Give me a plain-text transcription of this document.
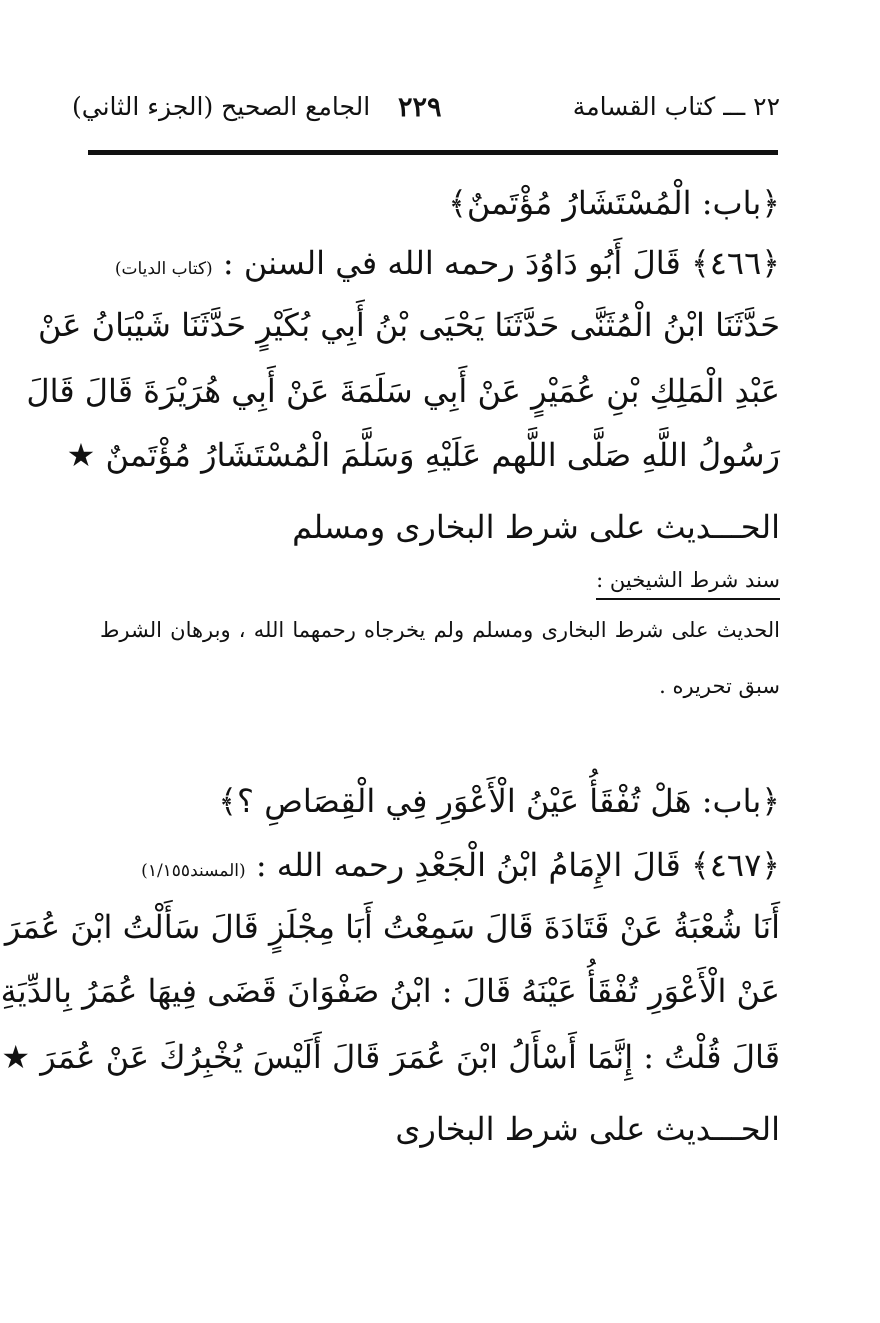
٢٢ ـــ كتاب القسامة
٢٢٩
الجامع الصحيح (الجزء الثاني)
﴿باب: الْمُسْتَشَارُ مُؤْتَمنٌ﴾
﴿٤٦٦﴾ قَالَ أَبُو دَاوُدَ رحمه الله في السنن : (كتاب الديات)
حَدَّثَنَا ابْنُ الْمُثَنَّى حَدَّثَنَا يَحْيَى بْنُ أَبِي بُكَيْرٍ حَدَّثَنَا شَيْبَانُ عَنْ
عَبْدِ الْمَلِكِ بْنِ عُمَيْرٍ عَنْ أَبِي سَلَمَةَ عَنْ أَبِي هُرَيْرَةَ قَالَ قَالَ
رَسُولُ اللَّهِ صَلَّى اللَّهم عَلَيْهِ وَسَلَّمَ الْمُسْتَشَارُ مُؤْتَمنٌ ★
الحـــديث على شرط البخارى ومسلم
سند شرط الشيخين :
الحديث على شرط البخارى ومسلم ولم يخرجاه رحمهما الله ، وبرهان الشرط
سبق تحريره .
﴿باب: هَلْ تُفْقَأُ عَيْنُ الْأَعْوَرِ فِي الْقِصَاصِ ؟﴾
﴿٤٦٧﴾ قَالَ الإِمَامُ ابْنُ الْجَعْدِ رحمه الله : (المسند١/١٥٥)
أَنَا شُعْبَةُ عَنْ قَتَادَةَ قَالَ سَمِعْتُ أَبَا مِجْلَزٍ قَالَ سَأَلْتُ ابْنَ عُمَرَ
عَنْ الْأَعْوَرِ تُفْقَأُ عَيْنَهُ قَالَ : ابْنُ صَفْوَانَ قَضَى فِيهَا عُمَرُ بِالدِّيَةِ
قَالَ قُلْتُ : إِنَّمَا أَسْأَلُ ابْنَ عُمَرَ قَالَ أَلَيْسَ يُخْبِرُكَ عَنْ عُمَرَ ★
الحـــديث على شرط البخارى
